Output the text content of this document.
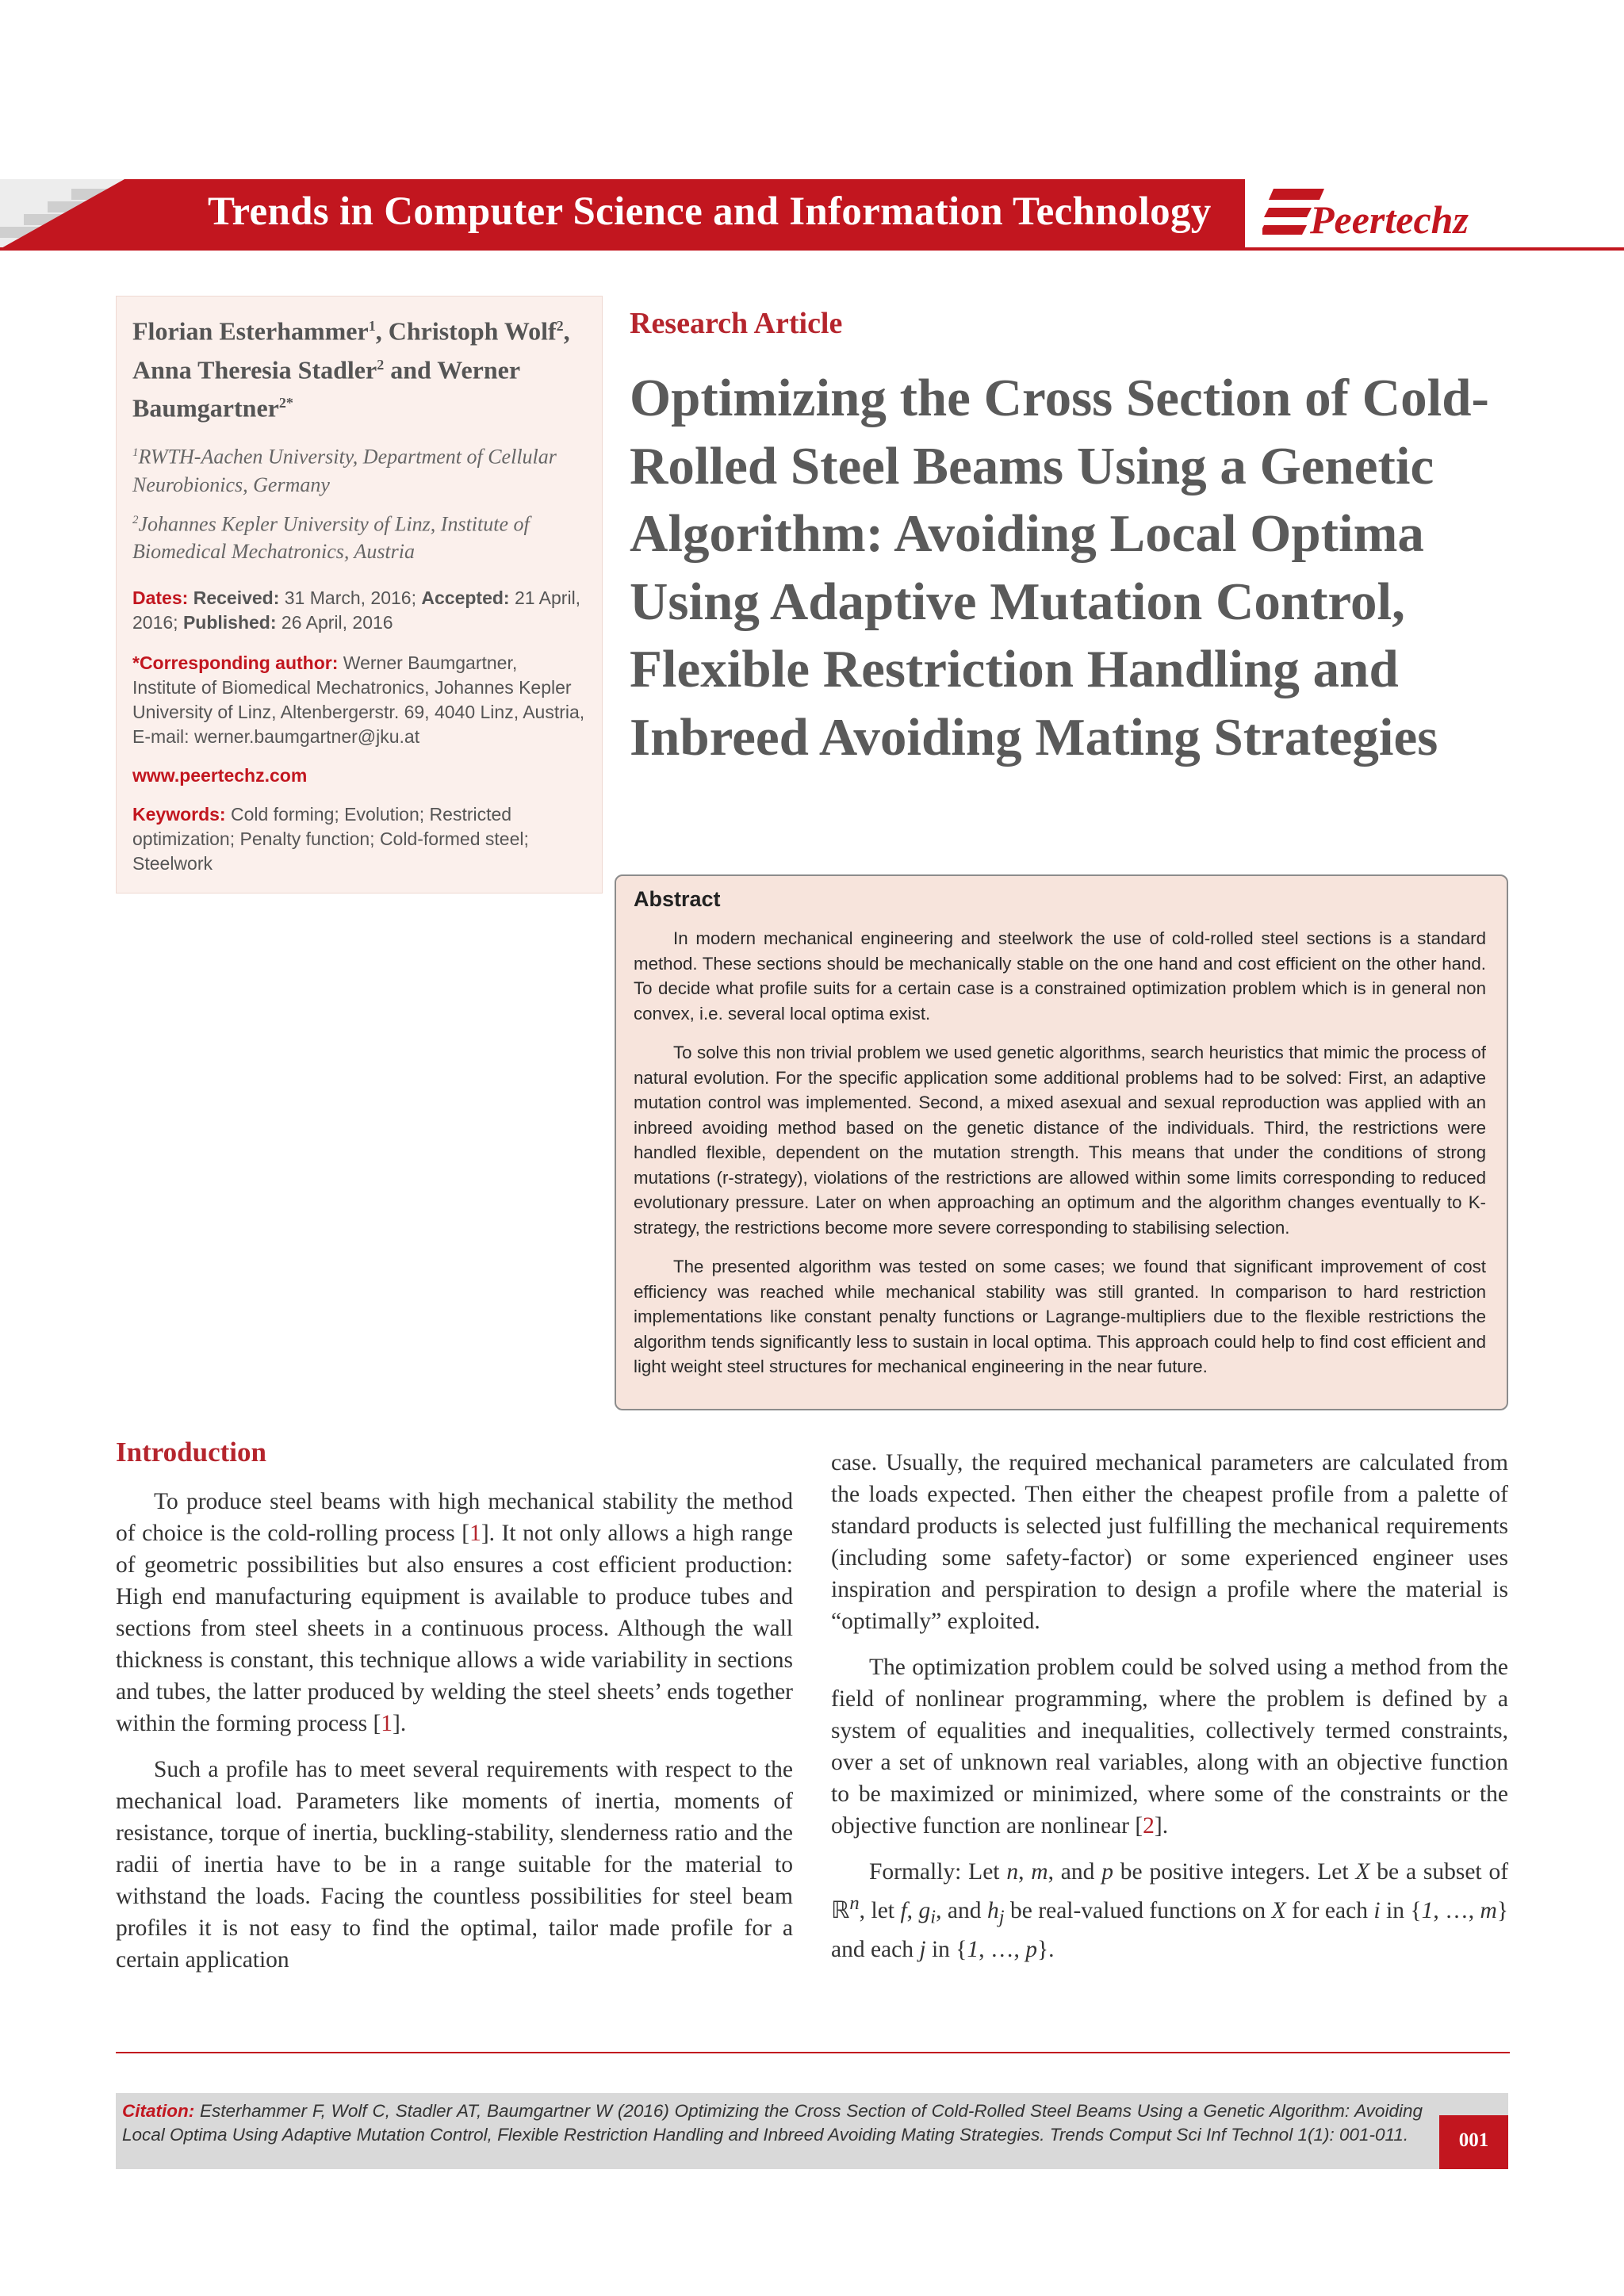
Trends in Computer Science and Information Technology Peertechz
Florian Esterhammer$^1$, Christoph Wolf$^2$, Anna Theresia Stadler$^2$ and Werner Baumgartner$^{2*}$
$^1$RWTH-Aachen University, Department of Cellular Neurobionics, Germany
$^2$Johannes Kepler University of Linz, Institute of Biomedical Mechatronics, Austria
Dates: Received: 31 March, 2016; Accepted: 21 April, 2016; Published: 26 April, 2016
*Corresponding author: Werner Baumgartner, Institute of Biomedical Mechatronics, Johannes Kepler University of Linz, Altenbergerstr. 69, 4040 Linz, Austria, E-mail: werner.baumgartner@jku.at
www.peertechz.com
Keywords: Cold forming; Evolution; Restricted optimization; Penalty function; Cold-formed steel; Steelwork
Research Article
Optimizing the Cross Section of Cold-Rolled Steel Beams Using a Genetic Algorithm: Avoiding Local Optima Using Adaptive Mutation Control, Flexible Restriction Handling and Inbreed Avoiding Mating Strategies
Abstract

In modern mechanical engineering and steelwork the use of cold-rolled steel sections is a standard method. These sections should be mechanically stable on the one hand and cost efficient on the other hand. To decide what profile suits for a certain case is a constrained optimization problem which is in general non convex, i.e. several local optima exist.

To solve this non trivial problem we used genetic algorithms, search heuristics that mimic the process of natural evolution. For the specific application some additional problems had to be solved: First, an adaptive mutation control was implemented. Second, a mixed asexual and sexual reproduction was applied with an inbreed avoiding method based on the genetic distance of the individuals. Third, the restrictions were handled flexible, dependent on the mutation strength. This means that under the conditions of strong mutations (r-strategy), violations of the restrictions are allowed within some limits corresponding to reduced evolutionary pressure. Later on when approaching an optimum and the algorithm changes eventually to K-strategy, the restrictions become more severe corresponding to stabilising selection.

The presented algorithm was tested on some cases; we found that significant improvement of cost efficiency was reached while mechanical stability was still granted. In comparison to hard restriction implementations like constant penalty functions or Lagrange-multipliers due to the flexible restrictions the algorithm tends significantly less to sustain in local optima. This approach could help to find cost efficient and light weight steel structures for mechanical engineering in the near future.

Introduction

To produce steel beams with high mechanical stability the method of choice is the cold-rolling process [1]. It not only allows a high range of geometric possibilities but also ensures a cost efficient production: High end manufacturing equipment is available to produce tubes and sections from steel sheets in a continuous process. Although the wall thickness is constant, this technique allows a wide variability in sections and tubes, the latter produced by welding the steel sheets’ ends together within the forming process [1].

Such a profile has to meet several requirements with respect to the mechanical load. Parameters like moments of inertia, moments of resistance, torque of inertia, buckling-stability, slenderness ratio and the radii of inertia have to be in a range suitable for the material to withstand the loads. Facing the countless possibilities for steel beam profiles it is not easy to find the optimal, tailor made profile for a certain application

case. Usually, the required mechanical parameters are calculated from the loads expected. Then either the cheapest profile from a palette of standard products is selected just fulfilling the mechanical requirements (including some safety-factor) or some experienced engineer uses inspiration and perspiration to design a profile where the material is “optimally” exploited.

The optimization problem could be solved using a method from the field of nonlinear programming, where the problem is defined by a system of equalities and inequalities, collectively termed constraints, over a set of unknown real variables, along with an objective function to be maximized or minimized, where some of the constraints or the objective function are nonlinear [2].

Formally: Let n, m, and p be positive integers. Let X be a subset of ℝ$^n$, let f, $g_i$, and $h_j$ be real-valued functions on X for each i in {1, …, m} and each j in {1, …, p}.

Citation: Esterhammer F, Wolf C, Stadler AT, Baumgartner W (2016) Optimizing the Cross Section of Cold-Rolled Steel Beams Using a Genetic Algorithm: Avoiding Local Optima Using Adaptive Mutation Control, Flexible Restriction Handling and Inbreed Avoiding Mating Strategies. Trends Comput Sci Inf Technol 1(1): 001-011.	001
